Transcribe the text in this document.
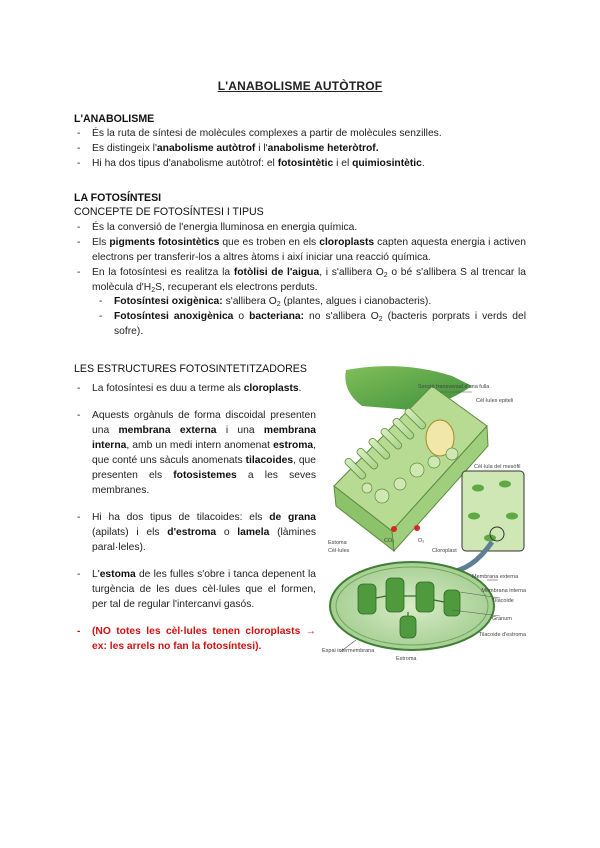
L'ANABOLISME AUTÒTROF
L'ANABOLISME
- És la ruta de síntesi de molècules complexes a partir de molècules senzilles.
- Es distingeix l'anabolisme autòtrof i l'anabolisme heteròtrof.
- Hi ha dos tipus d'anabolisme autòtrof: el fotosintètic i el quimiosintètic.
LA FOTOSÍNTESI
CONCEPTE DE FOTOSÍNTESI I TIPUS
- És la conversió de l'energia lluminosa en energia química.
- Els pigments fotosintètics que es troben en els cloroplasts capten aquesta energia i activen electrons per transferir-los a altres àtoms i així iniciar una reacció química.
- En la fotosíntesi es realitza la fotòlisi de l'aigua, i s'allibera $O_2$ o bé s'allibera S al trencar la molècula $d'H_2S$, recuperant els electrons perduts.
- Fotosíntesi oxigènica: s'allibera $O_2$ (plantes, algues i cianobacteris).
- Fotosíntesi anoxigènica o bacteriana: no s'allibera $O_2$ (bacteris porprats i verds del sofre).
LES ESTRUCTURES FOTOSINTETITZADORES
- La fotosíntesi es duu a terme als cloroplasts.
- Aquests orgànuls de forma discoidal presenten una membrana externa i una membrana interna, amb un medi intern anomenat estroma, que conté uns sàculs anomenats tilacoides, que presenten els fotosistemes a les seves membranes.
- Hi ha dos tipus de tilacoides: els de grana (apilats) i els d'estroma o lamela (làmines paral·leles).
- L'estoma de les fulles s'obre i tanca depenent la turgència de les dues cèl·lules que el formen, per tal de regular l'intercanvi gasós.
- (NO totes les cèl·lules tenen cloroplasts → ex: les arrels no fan la fotosíntesi).
Secció transversal d'una fulla
Cèl·lules epiteli
Cèl·lula del mesòfil
Estoma
Cèl·lules
CO₂	O₂
Cloroplast
Membrana externa
Membrana interna
Tilacoide
Granum
Tilacoide d'estroma
Espai intermembrana
Estroma
